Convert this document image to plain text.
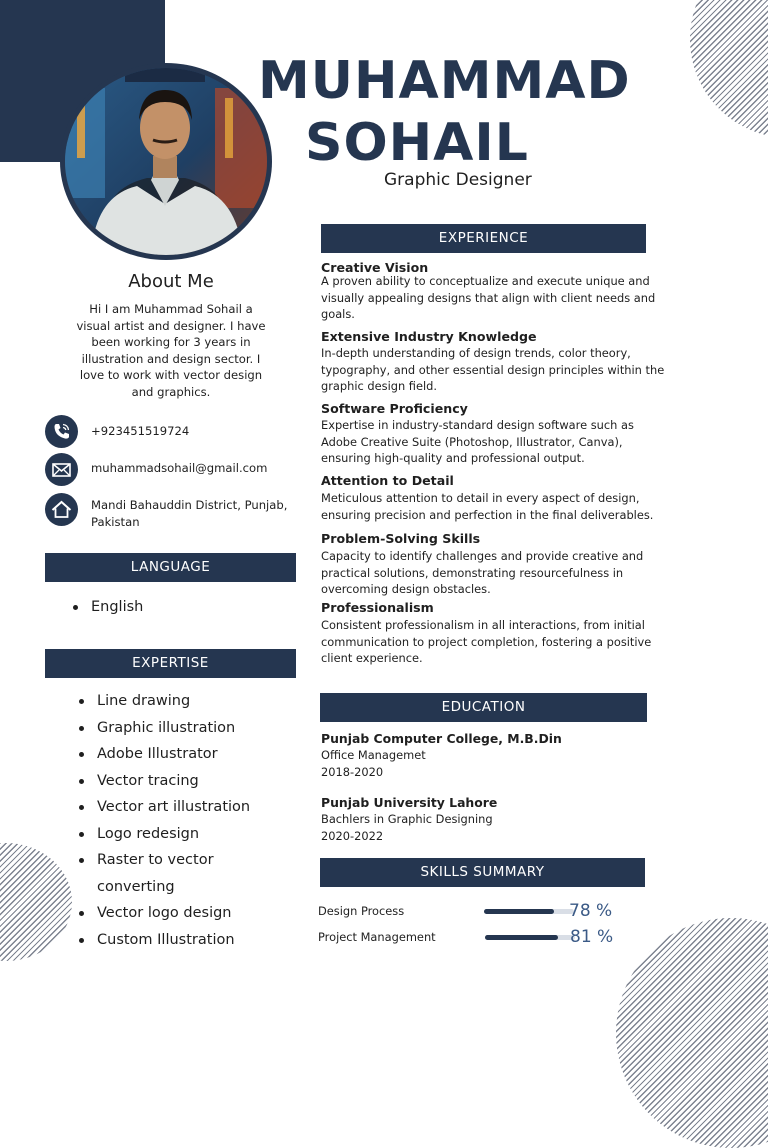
MUHAMMAD
SOHAIL
Graphic Designer
About Me
Hi I am Muhammad Sohail a
visual artist and designer. I have
been working for 3 years in
illustration and design sector. I
love to work with vector design
and graphics.
+923451519724
muhammadsohail@gmail.com
Mandi Bahauddin District, Punjab,
Pakistan
LANGUAGE
English
EXPERTISE
Line drawing
Graphic illustration
Adobe Illustrator
Vector tracing
Vector art illustration
Logo redesign
Raster to vector
converting
Vector logo design
Custom Illustration
EXPERIENCE
Creative Vision
A proven ability to conceptualize and execute unique and
visually appealing designs that align with client needs and
goals.
Extensive Industry Knowledge
In-depth understanding of design trends, color theory,
typography, and other essential design principles within the
graphic design field.
Software Proficiency
Expertise in industry-standard design software such as
Adobe Creative Suite (Photoshop, Illustrator, Canva),
ensuring high-quality and professional output.
Attention to Detail
Meticulous attention to detail in every aspect of design,
ensuring precision and perfection in the final deliverables.
Problem-Solving Skills
Capacity to identify challenges and provide creative and
practical solutions, demonstrating resourcefulness in
overcoming design obstacles.
Professionalism
Consistent professionalism in all interactions, from initial
communication to project completion, fostering a positive
client experience.
EDUCATION
Punjab Computer College, M.B.Din
Office Managemet
2018-2020
Punjab University Lahore
Bachlers in Graphic Designing
2020-2022
SKILLS SUMMARY
Design Process	78 %
Project Management	81 %
